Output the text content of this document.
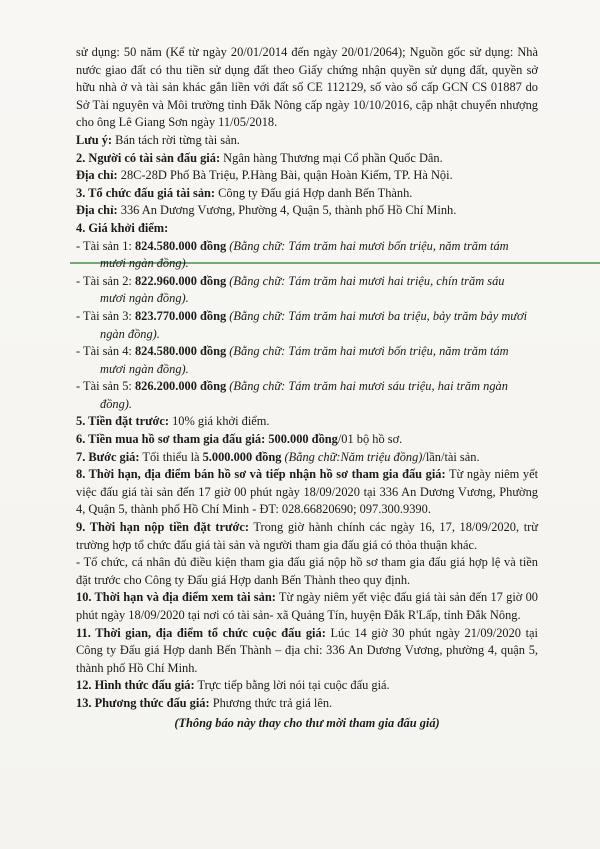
sử dụng: 50 năm (Kể từ ngày 20/01/2014 đến ngày 20/01/2064); Nguồn gốc sử dụng: Nhà nước giao đất có thu tiền sử dụng đất theo Giấy chứng nhận quyền sử dụng đất, quyền sở hữu nhà ở và tài sản khác gắn liền với đất số CE 112129, số vào sổ cấp GCN CS 01887 do Sở Tài nguyên và Môi trường tỉnh Đắk Nông cấp ngày 10/10/2016, cập nhật chuyển nhượng cho ông Lê Giang Sơn ngày 11/05/2018.

Lưu ý: Bán tách rời từng tài sản.

2. Người có tài sản đấu giá: Ngân hàng Thương mại Cổ phần Quốc Dân.

Địa chỉ: 28C-28D Phố Bà Triệu, P.Hàng Bài, quận Hoàn Kiếm, TP. Hà Nội.

3. Tổ chức đấu giá tài sản: Công ty Đấu giá Hợp danh Bến Thành.

Địa chỉ: 336 An Dương Vương, Phường 4, Quận 5, thành phố Hồ Chí Minh.

4. Giá khởi điểm:

- Tài sản 1: 824.580.000 đồng (Bằng chữ: Tám trăm hai mươi bốn triệu, năm trăm tám

mươi ngàn đồng).

- Tài sản 2: 822.960.000 đồng (Bằng chữ: Tám trăm hai mươi hai triệu, chín trăm sáu

mươi ngàn đồng).

- Tài sản 3: 823.770.000 đồng (Bằng chữ: Tám trăm hai mươi ba triệu, bảy trăm bảy mươi

ngàn đồng).

- Tài sản 4: 824.580.000 đồng (Bằng chữ: Tám trăm hai mươi bốn triệu, năm trăm tám

mươi ngàn đồng).

- Tài sản 5: 826.200.000 đồng (Bằng chữ: Tám trăm hai mươi sáu triệu, hai trăm ngàn

đồng).

5. Tiền đặt trước: 10% giá khởi điểm.

6. Tiền mua hồ sơ tham gia đấu giá: 500.000 đồng/01 bộ hồ sơ.

7. Bước giá: Tối thiểu là 5.000.000 đồng (Bằng chữ:Năm triệu đồng)/lần/tài sản.

8. Thời hạn, địa điểm bán hồ sơ và tiếp nhận hồ sơ tham gia đấu giá: Từ ngày niêm yết việc đấu giá tài sản đến 17 giờ 00 phút ngày 18/09/2020 tại 336 An Dương Vương, Phường 4, Quận 5, thành phố Hồ Chí Minh - ĐT: 028.66820690; 097.300.9390.

9. Thời hạn nộp tiền đặt trước: Trong giờ hành chính các ngày 16, 17, 18/09/2020, trừ trường hợp tổ chức đấu giá tài sản và người tham gia đấu giá có thỏa thuận khác.

- Tổ chức, cá nhân đủ điều kiện tham gia đấu giá nộp hồ sơ tham gia đấu giá hợp lệ và tiền đặt trước cho Công ty Đấu giá Hợp danh Bến Thành theo quy định.

10. Thời hạn và địa điểm xem tài sản: Từ ngày niêm yết việc đấu giá tài sản đến 17 giờ 00 phút ngày 18/09/2020 tại nơi có tài sản- xã Quảng Tín, huyện Đắk R'Lấp, tỉnh Đắk Nông.

11. Thời gian, địa điểm tổ chức cuộc đấu giá: Lúc 14 giờ 30 phút ngày 21/09/2020 tại Công ty Đấu giá Hợp danh Bến Thành – địa chỉ: 336 An Dương Vương, phường 4, quận 5, thành phố Hồ Chí Minh.

12. Hình thức đấu giá: Trực tiếp bằng lời nói tại cuộc đấu giá.

13. Phương thức đấu giá: Phương thức trả giá lên.

(Thông báo này thay cho thư mời tham gia đấu giá)
